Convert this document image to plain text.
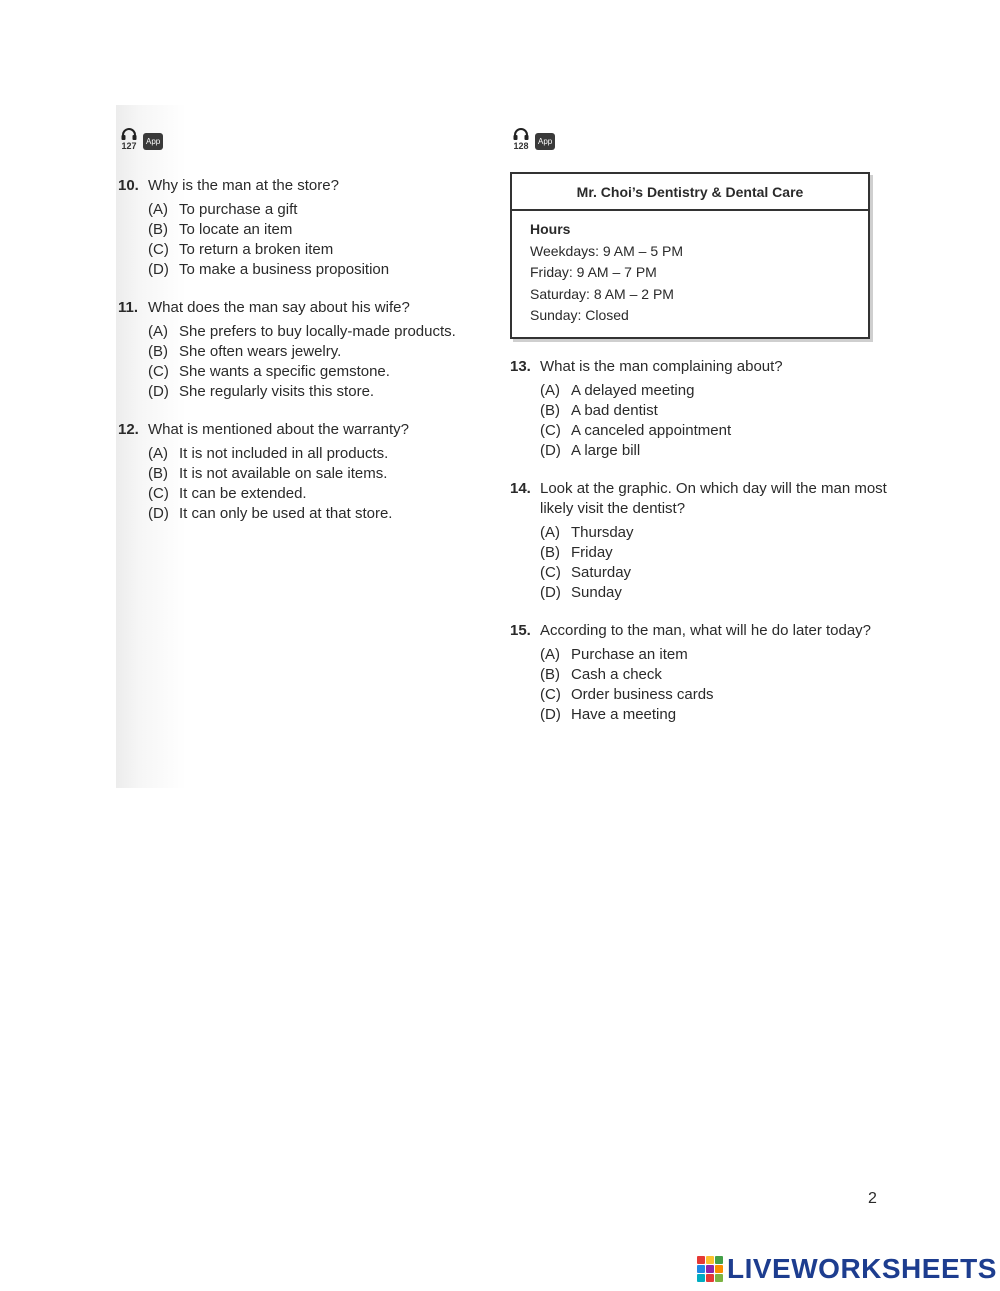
127	App
10. Why is the man at the store?
(A) To purchase a gift
(B) To locate an item
(C) To return a broken item
(D) To make a business proposition
11. What does the man say about his wife?
(A) She prefers to buy locally-made products.
(B) She often wears jewelry.
(C) She wants a specific gemstone.
(D) She regularly visits this store.
12. What is mentioned about the warranty?
(A) It is not included in all products.
(B) It is not available on sale items.
(C) It can be extended.
(D) It can only be used at that store.
128	App
Mr. Choi’s Dentistry & Dental Care
Hours
Weekdays: 9 AM – 5 PM
Friday: 9 AM – 7 PM
Saturday: 8 AM – 2 PM
Sunday: Closed
13. What is the man complaining about?
(A) A delayed meeting
(B) A bad dentist
(C) A canceled appointment
(D) A large bill
14. Look at the graphic. On which day will the man most likely visit the dentist?
(A) Thursday
(B) Friday
(C) Saturday
(D) Sunday
15. According to the man, what will he do later today?
(A) Purchase an item
(B) Cash a check
(C) Order business cards
(D) Have a meeting
2
LIVEWORKSHEETS
